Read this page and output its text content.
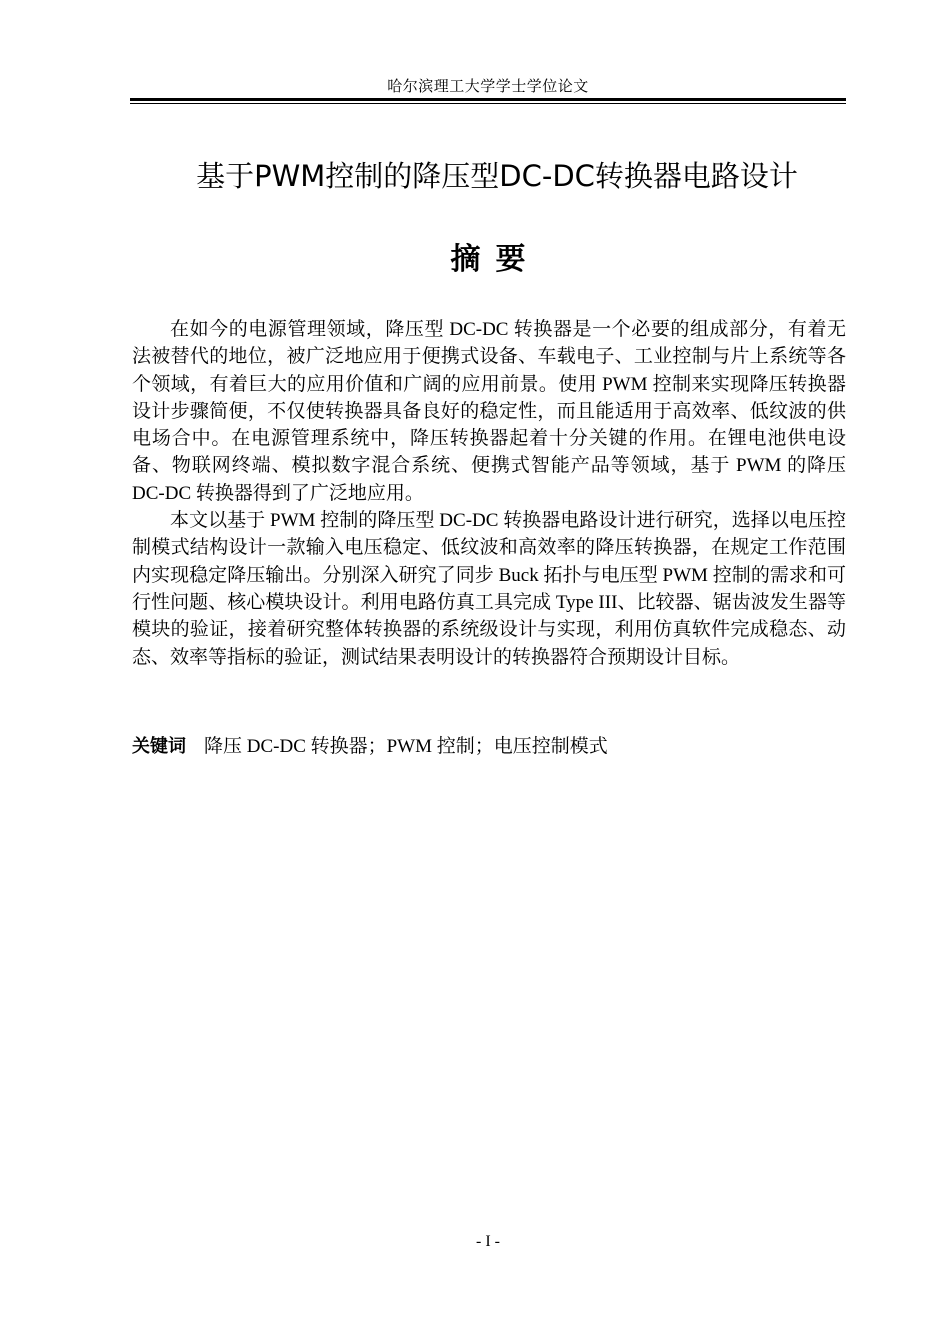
哈尔滨理工大学学士学位论文
基于PWM控制的降压型DC-DC转换器电路设计
摘要

在如今的电源管理领域，降压型 DC-DC 转换器是一个必要的组成部分，有着无法被替代的地位，被广泛地应用于便携式设备、车载电子、工业控制与片上系统等各个领域，有着巨大的应用价值和广阔的应用前景。使用 PWM 控制来实现降压转换器设计步骤简便，不仅使转换器具备良好的稳定性，而且能适用于高效率、低纹波的供电场合中。在电源管理系统中，降压转换器起着十分关键的作用。在锂电池供电设备、物联网终端、模拟数字混合系统、便携式智能产品等领域，基于 PWM 的降压 DC-DC 转换器得到了广泛地应用。

本文以基于 PWM 控制的降压型 DC-DC 转换器电路设计进行研究，选择以电压控制模式结构设计一款输入电压稳定、低纹波和高效率的降压转换器，在规定工作范围内实现稳定降压输出。分别深入研究了同步 Buck 拓扑与电压型 PWM 控制的需求和可行性问题、核心模块设计。利用电路仿真工具完成 Type III、比较器、锯齿波发生器等模块的验证，接着研究整体转换器的系统级设计与实现，利用仿真软件完成稳态、动态、效率等指标的验证，测试结果表明设计的转换器符合预期设计目标。

关键词 降压 DC-DC 转换器；PWM 控制；电压控制模式
- I -
